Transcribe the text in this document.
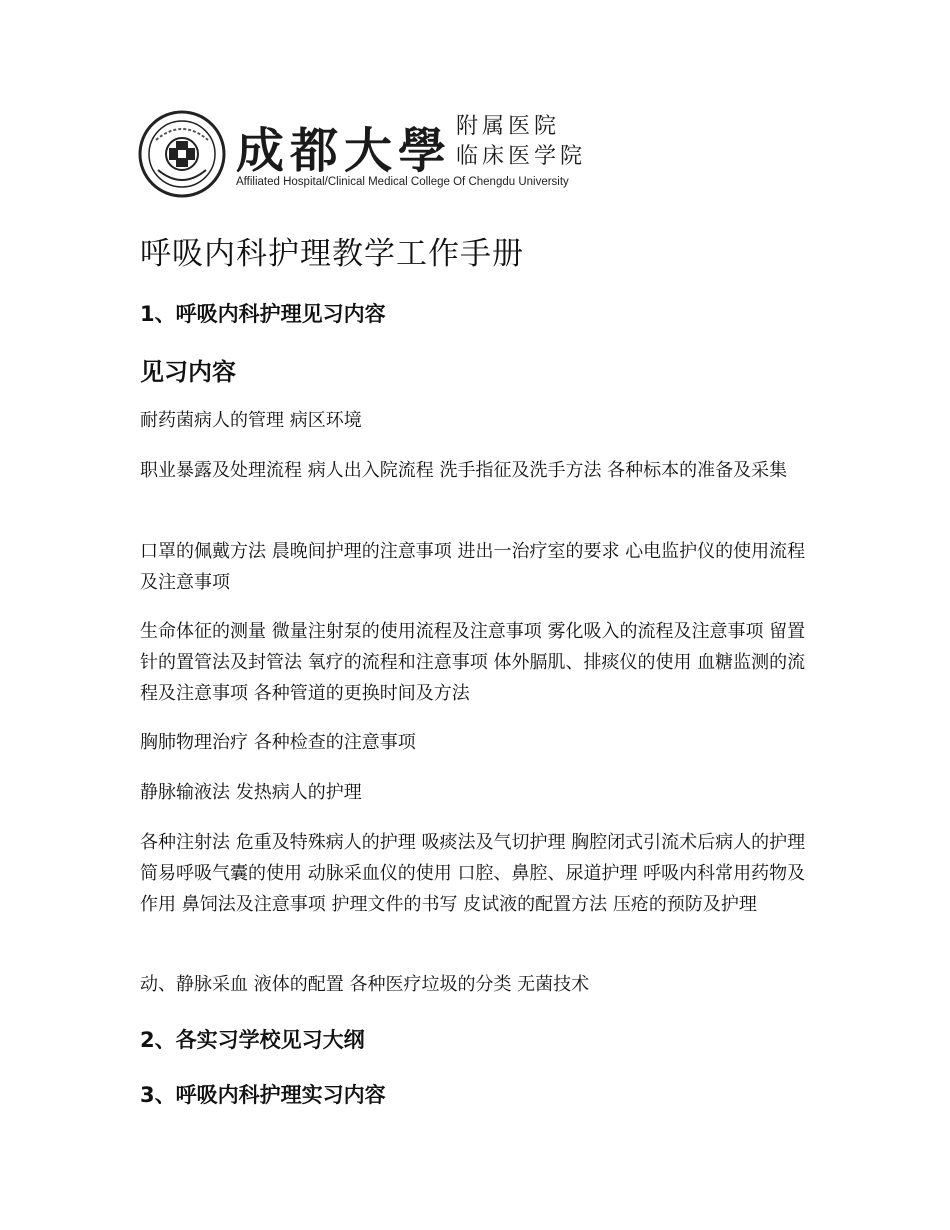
成都大學 附属医院
临床医学院
Affiliated Hospital/Clinical Medical College Of Chengdu University
呼吸内科护理教学工作手册
1、呼吸内科护理见习内容
见习内容

耐药菌病人的管理 病区环境

职业暴露及处理流程 病人出入院流程 洗手指征及洗手方法 各种标本的准备及采集

口罩的佩戴方法 晨晚间护理的注意事项 进出一治疗室的要求 心电监护仪的使用流程及注意事项

生命体征的测量 微量注射泵的使用流程及注意事项 雾化吸入的流程及注意事项 留置针的置管法及封管法 氧疗的流程和注意事项 体外膈肌、排痰仪的使用 血糖监测的流程及注意事项 各种管道的更换时间及方法

胸肺物理治疗 各种检查的注意事项

静脉输液法 发热病人的护理

各种注射法 危重及特殊病人的护理 吸痰法及气切护理 胸腔闭式引流术后病人的护理 简易呼吸气囊的使用 动脉采血仪的使用 口腔、鼻腔、尿道护理 呼吸内科常用药物及作用 鼻饲法及注意事项 护理文件的书写 皮试液的配置方法 压疮的预防及护理

动、静脉采血 液体的配置 各种医疗垃圾的分类 无菌技术

2、各实习学校见习大纲
3、呼吸内科护理实习内容
